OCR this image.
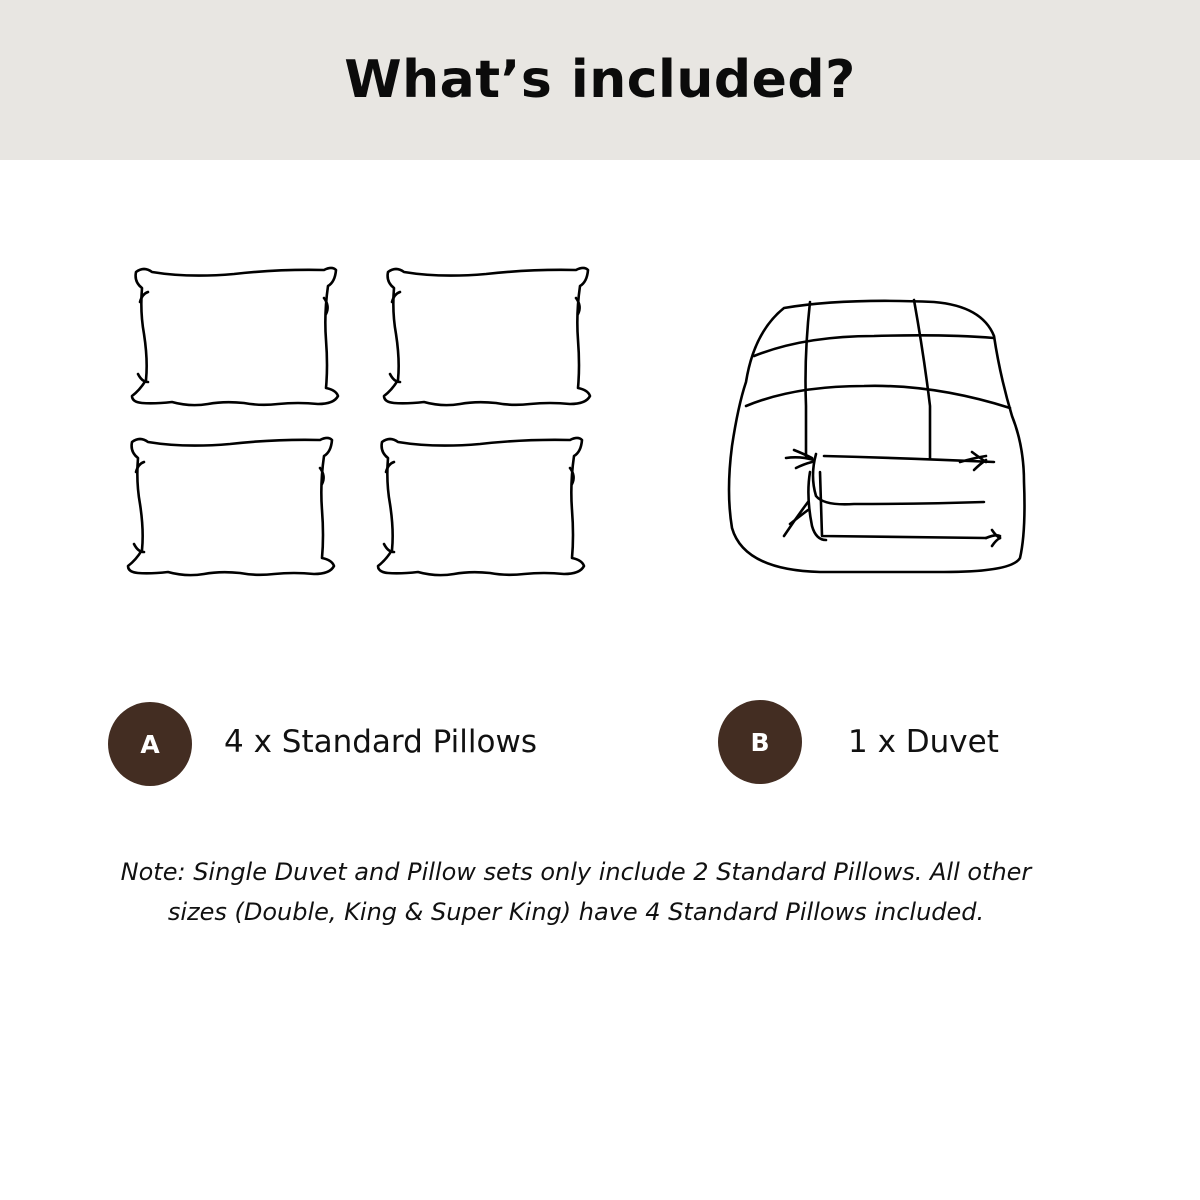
What’s included?
A	4 x Standard Pillows	B	1 x Duvet
Note: Single Duvet and Pillow sets only include 2 Standard Pillows. All other sizes (Double, King & Super King) have 4 Standard Pillows included.
